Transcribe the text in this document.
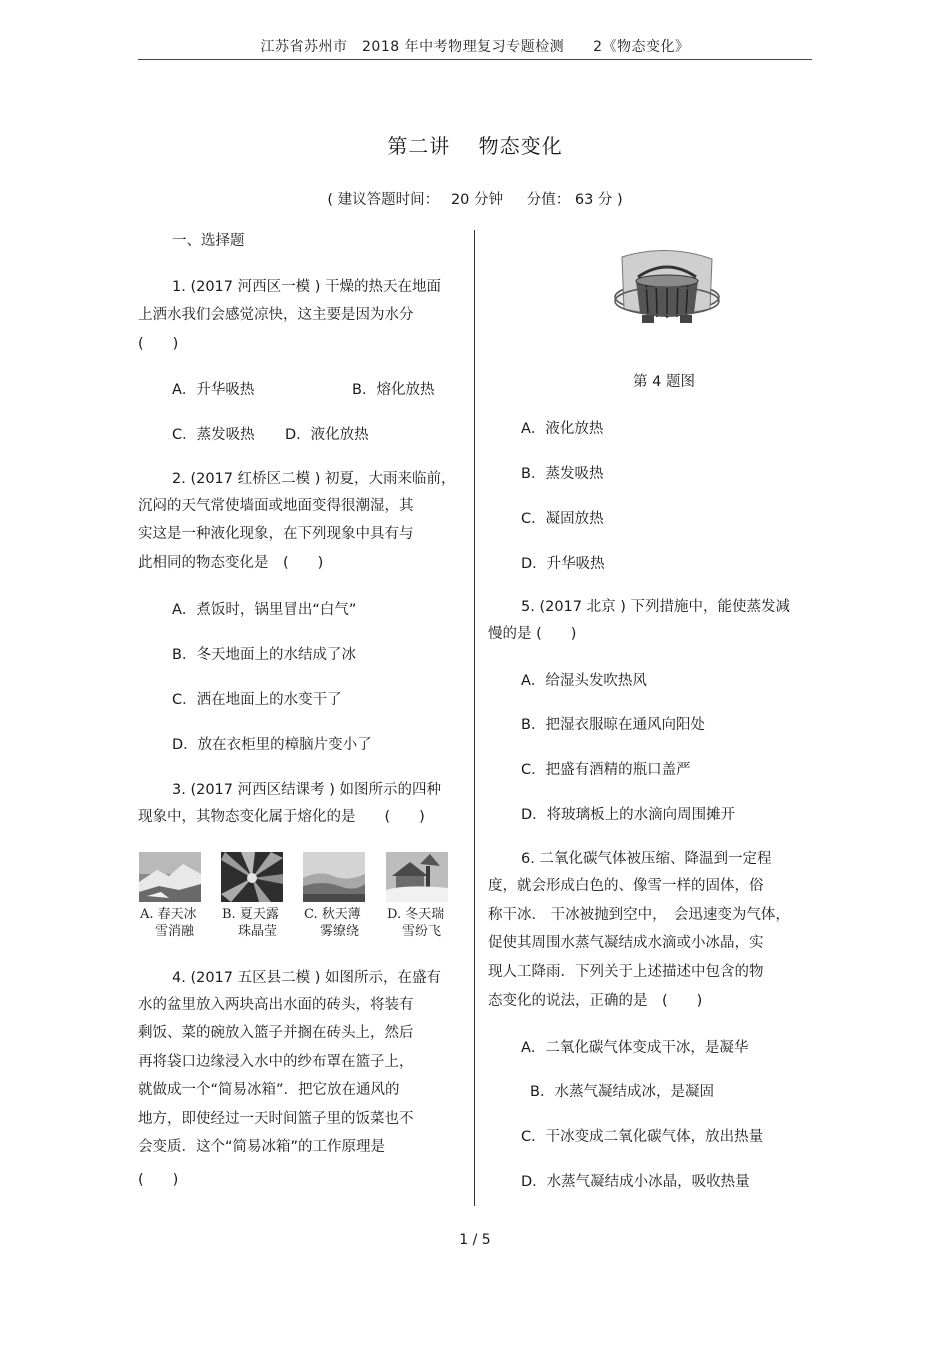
江苏省苏州市　2018 年中考物理复习专题检测　　2《物态变化》
第二讲　 物态变化
( 建议答题时间：　 20 分钟 　 分值： 63 分 )
一、选择题
1. (2017 河西区一模 ) 干燥的热天在地面
上洒水我们会感觉凉快，这主要是因为水分
(　　)
A．升华吸热	B．熔化放热
C．蒸发吸热 D．液化放热
2. (2017 红桥区二模 ) 初夏，大雨来临前，
沉闷的天气常使墙面或地面变得很潮湿，其
实这是一种液化现象，在下列现象中具有与
此相同的物态变化是　(　　)
A．煮饭时，锅里冒出“白气”
B．冬天地面上的水结成了冰
C．洒在地面上的水变干了
D．放在衣柜里的樟脑片变小了
3. (2017 河西区结课考 ) 如图所示的四种
现象中，其物态变化属于熔化的是　　(　　)
A. 春天冰
雪消融
B. 夏天露
珠晶莹
C. 秋天薄
雾缭绕
D. 冬天瑞
雪纷飞
4. (2017 五区县二模 ) 如图所示，在盛有
水的盆里放入两块高出水面的砖头，将装有
剩饭、菜的碗放入篮子并搁在砖头上，然后
再将袋口边缘浸入水中的纱布罩在篮子上，
就做成一个“简易冰箱”．把它放在通风的
地方，即使经过一天时间篮子里的饭菜也不
会变质．这个“简易冰箱”的工作原理是
(　　)
第 4 题图
A．液化放热
B．蒸发吸热
C．凝固放热
D．升华吸热
5. (2017 北京 ) 下列措施中，能使蒸发减
慢的是 (　　)
A．给湿头发吹热风
B．把湿衣服晾在通风向阳处
C．把盛有酒精的瓶口盖严
D．将玻璃板上的水滴向周围摊开
6. 二氧化碳气体被压缩、降温到一定程
度，就会形成白色的、像雪一样的固体，俗
称干冰． 干冰被抛到空中，　会迅速变为气体，
促使其周围水蒸气凝结成水滴或小冰晶，实
现人工降雨．下列关于上述描述中包含的物
态变化的说法，正确的是　(　　)
A．二氧化碳气体变成干冰，是凝华
B．水蒸气凝结成冰，是凝固
C．干冰变成二氧化碳气体，放出热量
D．水蒸气凝结成小冰晶，吸收热量
1 / 5
